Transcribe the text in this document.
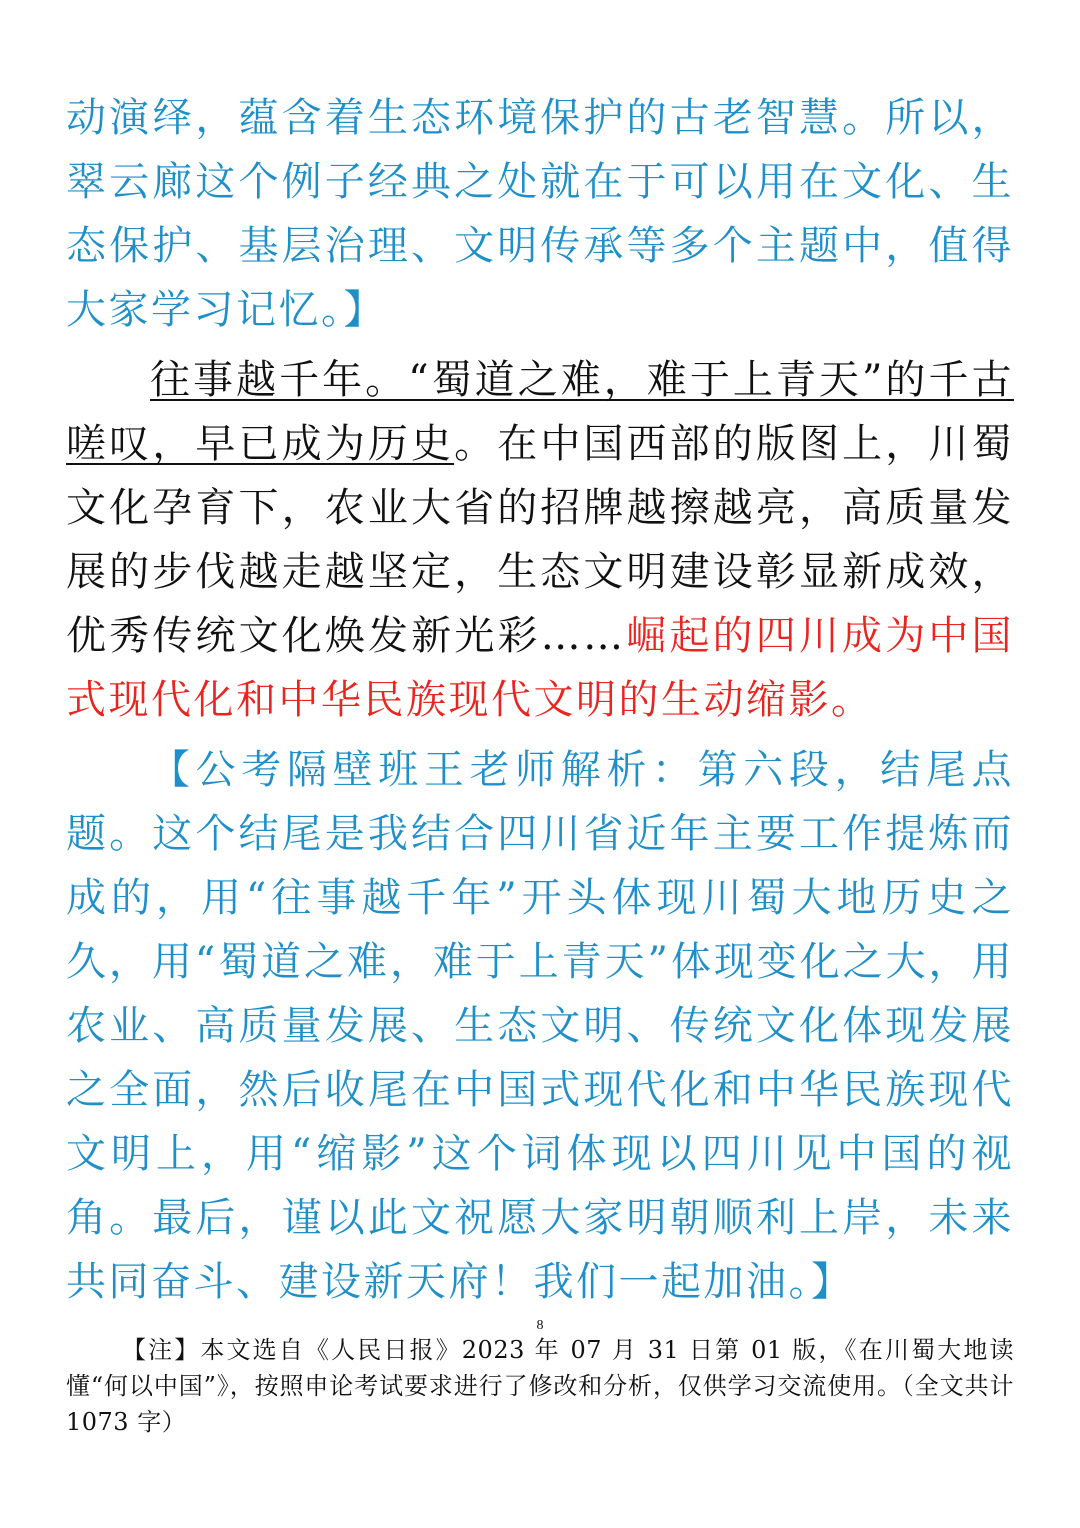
动演绎，蕴含着生态环境保护的古老智慧。所以，翠云廊这个例子经典之处就在于可以用在文化、生态保护、基层治理、文明传承等多个主题中，值得大家学习记忆。】

往事越千年。“蜀道之难，难于上青天”的千古嗟叹，早已成为历史。在中国西部的版图上，川蜀文化孕育下，农业大省的招牌越擦越亮，高质量发展的步伐越走越坚定，生态文明建设彰显新成效，优秀传统文化焕发新光彩……崛起的四川成为中国式现代化和中华民族现代文明的生动缩影。

【公考隔壁班王老师解析：第六段，结尾点题。这个结尾是我结合四川省近年主要工作提炼而成的，用“往事越千年”开头体现川蜀大地历史之久，用“蜀道之难，难于上青天”体现变化之大，用农业、高质量发展、生态文明、传统文化体现发展之全面，然后收尾在中国式现代化和中华民族现代文明上，用“缩影”这个词体现以四川见中国的视角。最后，谨以此文祝愿大家明朝顺利上岸，未来共同奋斗、建设新天府！我们一起加油。】

8
【注】本文选自《人民日报》2023 年 07 月 31 日第 01 版，《在川蜀大地读懂“何以中国”》，按照申论考试要求进行了修改和分析，仅供学习交流使用。（全文共计 1073 字）
